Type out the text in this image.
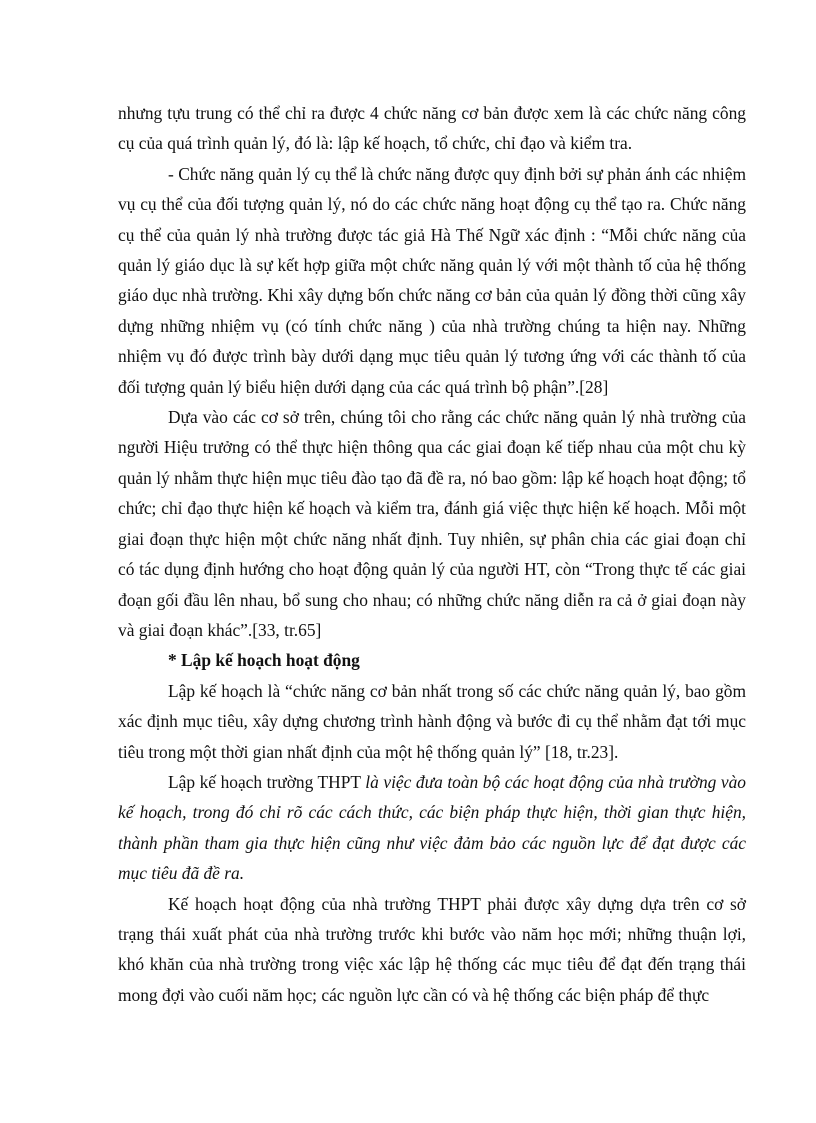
nhưng tựu trung có thể chỉ ra được 4 chức năng cơ bản được xem là các chức năng công cụ của quá trình quản lý, đó là: lập kế hoạch, tổ chức, chỉ đạo và kiểm tra.

- Chức năng quản lý cụ thể là chức năng được quy định bởi sự phản ánh các nhiệm vụ cụ thể của đối tượng quản lý, nó do các chức năng hoạt động cụ thể tạo ra. Chức năng cụ thể của quản lý nhà trường được tác giả Hà Thế Ngữ xác định : “Mỗi chức năng của quản lý giáo dục là sự kết hợp giữa một chức năng quản lý với một thành tố của hệ thống giáo dục nhà trường. Khi xây dựng bốn chức năng cơ bản của quản lý đồng thời cũng xây dựng những nhiệm vụ (có tính chức năng ) của nhà trường chúng ta hiện nay. Những nhiệm vụ đó được trình bày dưới dạng mục tiêu quản lý tương ứng với các thành tố của đối tượng quản lý biểu hiện dưới dạng của các quá trình bộ phận”.[28]

Dựa vào các cơ sở trên, chúng tôi cho rằng các chức năng quản lý nhà trường của người Hiệu trưởng có thể thực hiện thông qua các giai đoạn kế tiếp nhau của một chu kỳ quản lý nhằm thực hiện mục tiêu đào tạo đã đề ra, nó bao gồm: lập kế hoạch hoạt động; tổ chức; chỉ đạo thực hiện kế hoạch và kiểm tra, đánh giá việc thực hiện kế hoạch. Mỗi một giai đoạn thực hiện một chức năng nhất định. Tuy nhiên, sự phân chia các giai đoạn chỉ có tác dụng định hướng cho hoạt động quản lý của người HT, còn “Trong thực tế các giai đoạn gối đầu lên nhau, bổ sung cho nhau; có những chức năng diễn ra cả ở giai đoạn này và giai đoạn khác”.[33, tr.65]

* Lập kế hoạch hoạt động

Lập kế hoạch là “chức năng cơ bản nhất trong số các chức năng quản lý, bao gồm xác định mục tiêu, xây dựng chương trình hành động và bước đi cụ thể nhằm đạt tới mục tiêu trong một thời gian nhất định của một hệ thống quản lý” [18, tr.23].

Lập kế hoạch trường THPT là việc đưa toàn bộ các hoạt động của nhà trường vào kế hoạch, trong đó chỉ rõ các cách thức, các biện pháp thực hiện, thời gian thực hiện, thành phần tham gia thực hiện cũng như việc đảm bảo các nguồn lực để đạt được các mục tiêu đã đề ra.

Kế hoạch hoạt động của nhà trường THPT phải được xây dựng dựa trên cơ sở trạng thái xuất phát của nhà trường trước khi bước vào năm học mới; những thuận lợi, khó khăn của nhà trường trong việc xác lập hệ thống các mục tiêu để đạt đến trạng thái mong đợi vào cuối năm học; các nguồn lực cần có và hệ thống các biện pháp để thực
